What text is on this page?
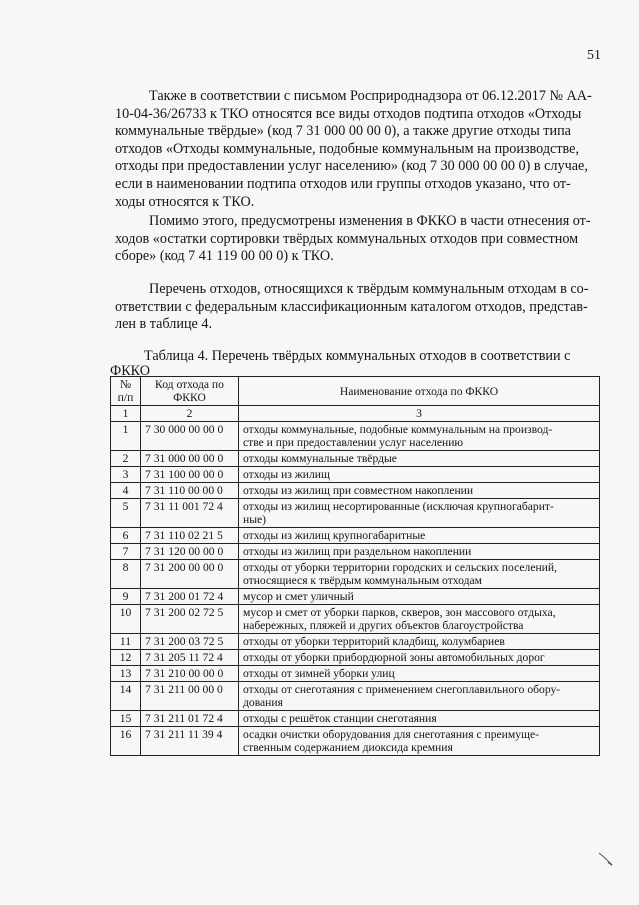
51

Также в соответствии с письмом Росприроднадзора от 06.12.2017 № АА-
10-04-36/26733 к ТКО относятся все виды отходов подтипа отходов «Отходы
коммунальные твёрдые» (код 7 31 000 00 00 0), а также другие отходы типа
отходов «Отходы коммунальные, подобные коммунальным на производстве,
отходы при предоставлении услуг населению» (код 7 30 000 00 00 0) в случае,
если в наименовании подтипа отходов или группы отходов указано, что от-
ходы относятся к ТКО.

Помимо этого, предусмотрены изменения в ФККО в части отнесения от-
ходов «остатки сортировки твёрдых коммунальных отходов при совместном
сборе» (код 7 41 119 00 00 0) к ТКО.

Перечень отходов, относящихся к твёрдым коммунальным отходам в со-
ответствии с федеральным классификационным каталогом отходов, представ-
лен в таблице 4.

Таблица 4. Перечень твёрдых коммунальных отходов в соответствии с
ФККО
№
п/п	Код отхода по
ФККО	Наименование отхода по ФККО
1	2	3
1	7 30 000 00 00 0	отходы коммунальные, подобные коммунальным на производ-
стве и при предоставлении услуг населению

2	7 31 000 00 00 0	отходы коммунальные твёрдые

3	7 31 100 00 00 0	отходы из жилищ

4	7 31 110 00 00 0	отходы из жилищ при совместном накоплении

5	7 31 11 001 72 4	отходы из жилищ несортированные (исключая крупногабарит-
ные)

6	7 31 110 02 21 5	отходы из жилищ крупногабаритные

7	7 31 120 00 00 0	отходы из жилищ при раздельном накоплении

8	7 31 200 00 00 0	отходы от уборки территории городских и сельских поселений,
относящиеся к твёрдым коммунальным отходам

9	7 31 200 01 72 4	мусор и смет уличный

10	7 31 200 02 72 5	мусор и смет от уборки парков, скверов, зон массового отдыха,
набережных, пляжей и других объектов благоустройства

11	7 31 200 03 72 5	отходы от уборки территорий кладбищ, колумбариев

12	7 31 205 11 72 4	отходы от уборки прибордюрной зоны автомобильных дорог

13	7 31 210 00 00 0	отходы от зимней уборки улиц

14	7 31 211 00 00 0	отходы от снеготаяния с применением снегоплавильного обору-
дования

15	7 31 211 01 72 4	отходы с решёток станции снеготаяния

16	7 31 211 11 39 4	осадки очистки оборудования для снеготаяния с преимуще-
ственным содержанием диоксида кремния
